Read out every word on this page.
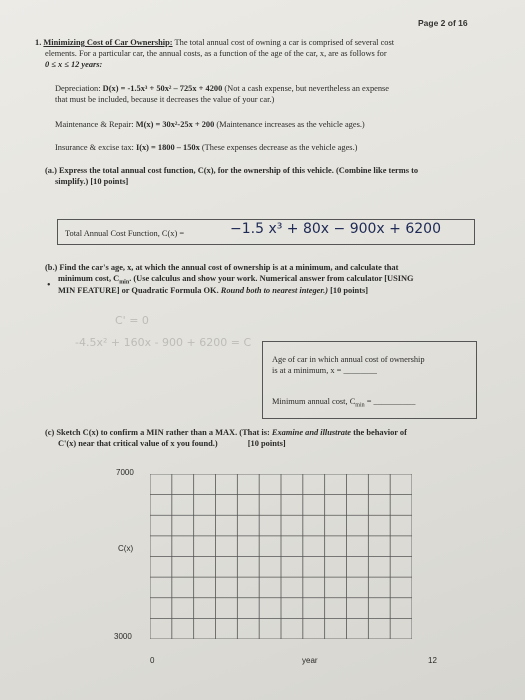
Page 2 of 16
1. Minimizing Cost of Car Ownership: The total annual cost of owning a car is comprised of several cost
elements. For a particular car, the annual costs, as a function of the age of the car, x, are as follows for
0 ≤ x ≤ 12 years:
Depreciation: D(x) = -1.5x³ + 50x² – 725x + 4200 (Not a cash expense, but nevertheless an expense
that must be included, because it decreases the value of your car.)
Maintenance & Repair: M(x) = 30x²-25x + 200 (Maintenance increases as the vehicle ages.)
Insurance & excise tax: I(x) = 1800 – 150x (These expenses decrease as the vehicle ages.)
(a.) Express the total annual cost function, C(x), for the ownership of this vehicle. (Combine like terms to
simplify.) [10 points]
Total Annual Cost Function, C(x) =	−1.5 x³ + 80x − 900x + 6200
(b.) Find the car's age, x, at which the annual cost of ownership is at a minimum, and calculate that
minimum cost, $C_{min}$. (Use calculus and show your work. Numerical answer from calculator [USING
• MIN FEATURE] or Quadratic Formula OK. Round both to nearest integer.) [10 points]
C' = 0
-4.5x² + 160x - 900 + 6200 = C
Age of car in which annual cost of ownership
is at a minimum, x = ________
Minimum annual cost, $C_{min}$ = __________
(c) Sketch C(x) to confirm a MIN rather than a MAX. (That is: Examine and illustrate the behavior of
C'(x) near that critical value of x you found.)	[10 points]
7000
3000
C(x)
0	12
year
